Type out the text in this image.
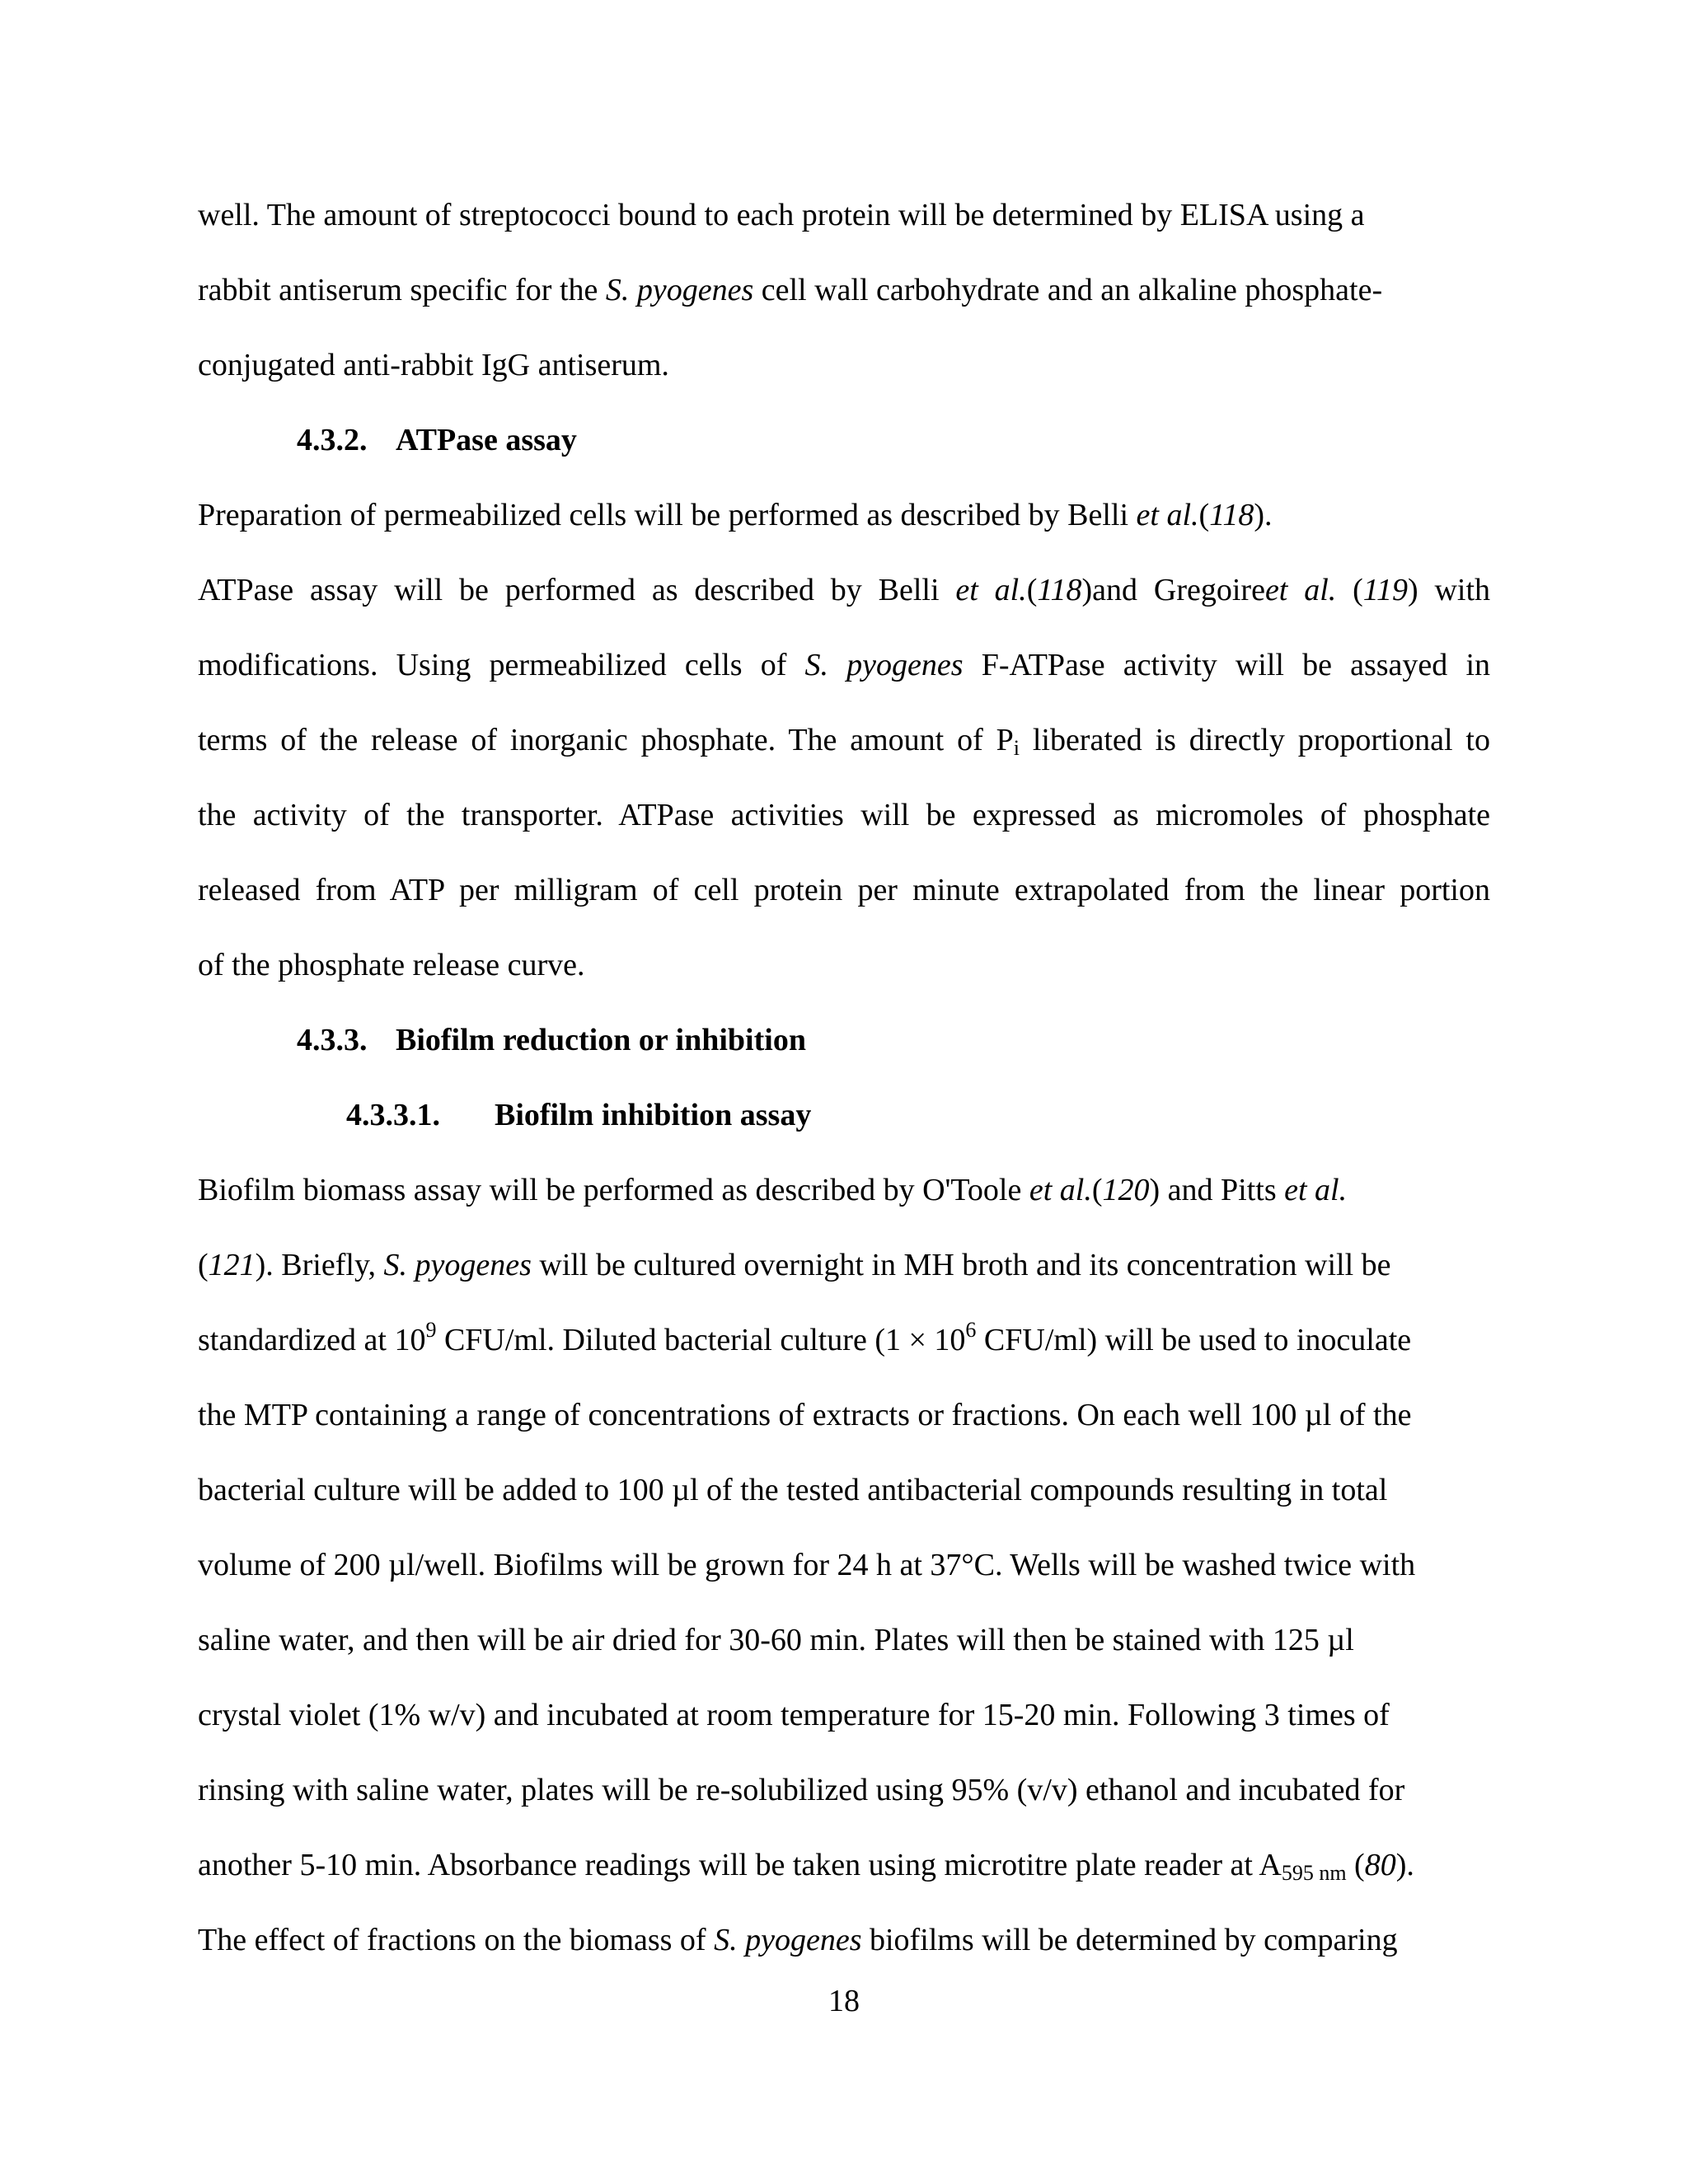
well. The amount of streptococci bound to each protein will be determined by ELISA using a
rabbit antiserum specific for the S. pyogenes cell wall carbohydrate and an alkaline phosphate-
conjugated anti-rabbit IgG antiserum.
4.3.2. ATPase assay
Preparation of permeabilized cells will be performed as described by Belli et al.(118).
ATPase assay will be performed as described by Belli et al.(118)and Gregoireet al. (119) with
modifications. Using permeabilized cells of S. pyogenes F-ATPase activity will be assayed in
terms of the release of inorganic phosphate. The amount of $P_i$ liberated is directly proportional to
the activity of the transporter. ATPase activities will be expressed as micromoles of phosphate
released from ATP per milligram of cell protein per minute extrapolated from the linear portion
of the phosphate release curve.
4.3.3. Biofilm reduction or inhibition
4.3.3.1. Biofilm inhibition assay
Biofilm biomass assay will be performed as described by O'Toole et al.(120) and Pitts et al.
(121). Briefly, S. pyogenes will be cultured overnight in MH broth and its concentration will be
standardized at $10^9$ CFU/ml. Diluted bacterial culture ($1 \times 10^6$ CFU/ml) will be used to inoculate
the MTP containing a range of concentrations of extracts or fractions. On each well 100 µl of the
bacterial culture will be added to 100 µl of the tested antibacterial compounds resulting in total
volume of 200 µl/well. Biofilms will be grown for 24 h at 37°C. Wells will be washed twice with
saline water, and then will be air dried for 30-60 min. Plates will then be stained with 125 µl
crystal violet (1% w/v) and incubated at room temperature for 15-20 min. Following 3 times of
rinsing with saline water, plates will be re-solubilized using 95% (v/v) ethanol and incubated for
another 5-10 min. Absorbance readings will be taken using microtitre plate reader at $A_{595 nm}$ (80).
The effect of fractions on the biomass of S. pyogenes biofilms will be determined by comparing
18
